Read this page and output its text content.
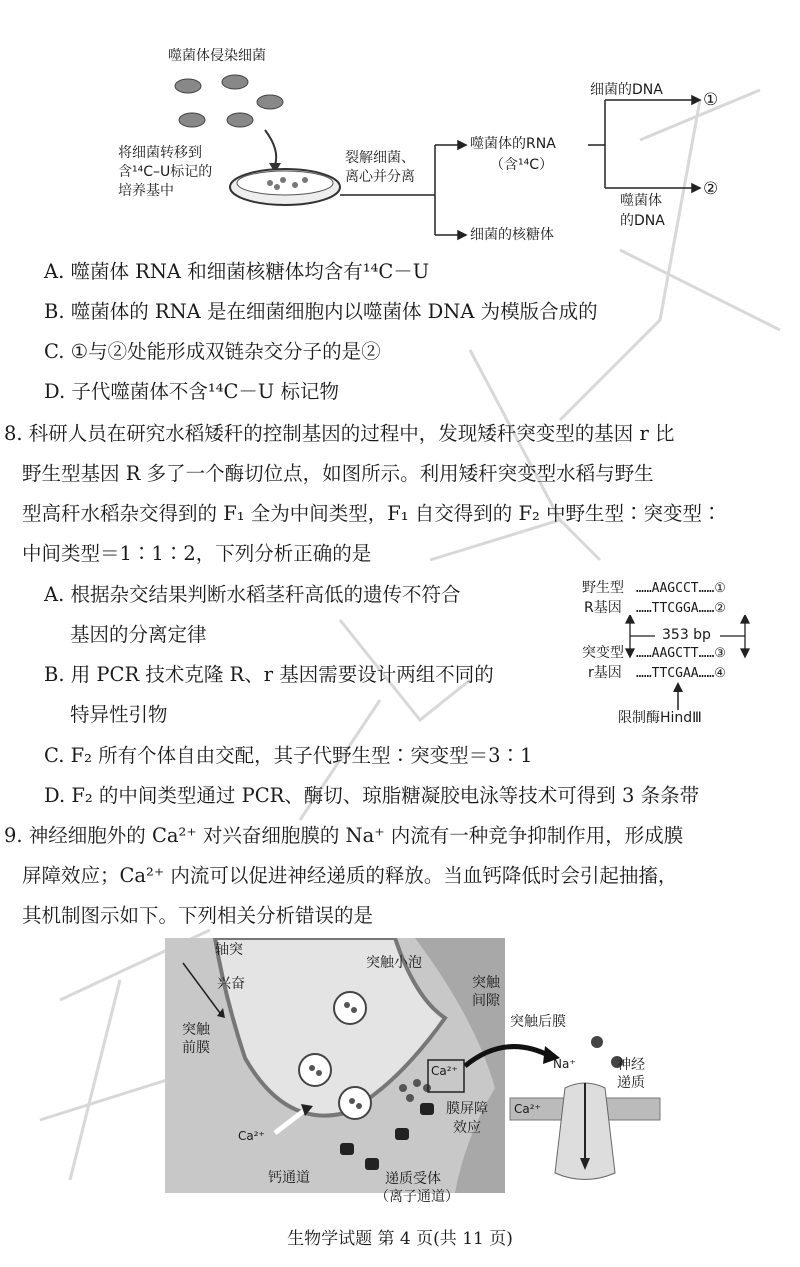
噬菌体侵染细菌
将细菌转移到
含¹⁴C–U标记的
培养基中
裂解细菌、
离心并分离
噬菌体的RNA
（含¹⁴C）
细菌的核糖体
细菌的DNA ①
噬菌体
的DNA
②
A. 噬菌体 RNA 和细菌核糖体均含有¹⁴C－U
B. 噬菌体的 RNA 是在细菌细胞内以噬菌体 DNA 为模版合成的
C. ①与②处能形成双链杂交分子的是②
D. 子代噬菌体不含¹⁴C－U 标记物
8. 科研人员在研究水稻矮秆的控制基因的过程中，发现矮秆突变型的基因 r 比
野生型基因 R 多了一个酶切位点，如图所示。利用矮秆突变型水稻与野生
型高秆水稻杂交得到的 F₁ 全为中间类型，F₁ 自交得到的 F₂ 中野生型∶突变型∶
中间类型＝1∶1∶2，下列分析正确的是
A. 根据杂交结果判断水稻茎秆高低的遗传不符合
基因的分离定律
B. 用 PCR 技术克隆 R、r 基因需要设计两组不同的
特异性引物
C. F₂ 所有个体自由交配，其子代野生型∶突变型＝3∶1
D. F₂ 的中间类型通过 PCR、酶切、琼脂糖凝胶电泳等技术可得到 3 条条带
野生型
R基因
……AAGCCT……①
……TTCGGA……②
353 bp
突变型
r基因
……AAGCTT……③
……TTCGAA……④
限制酶HindⅢ
9. 神经细胞外的 Ca²⁺ 对兴奋细胞膜的 Na⁺ 内流有一种竞争抑制作用，形成膜
屏障效应；Ca²⁺ 内流可以促进神经递质的释放。当血钙降低时会引起抽搐，
其机制图示如下。下列相关分析错误的是
轴突
兴奋
突触小泡
突触
间隙
突触后膜
突触
前膜
Ca²⁺
膜屏障
效应
Ca²⁺
钙通道	递质受体
（离子通道）
Na⁺
Ca²⁺
神经
递质
生物学试题 第 4 页(共 11 页)
